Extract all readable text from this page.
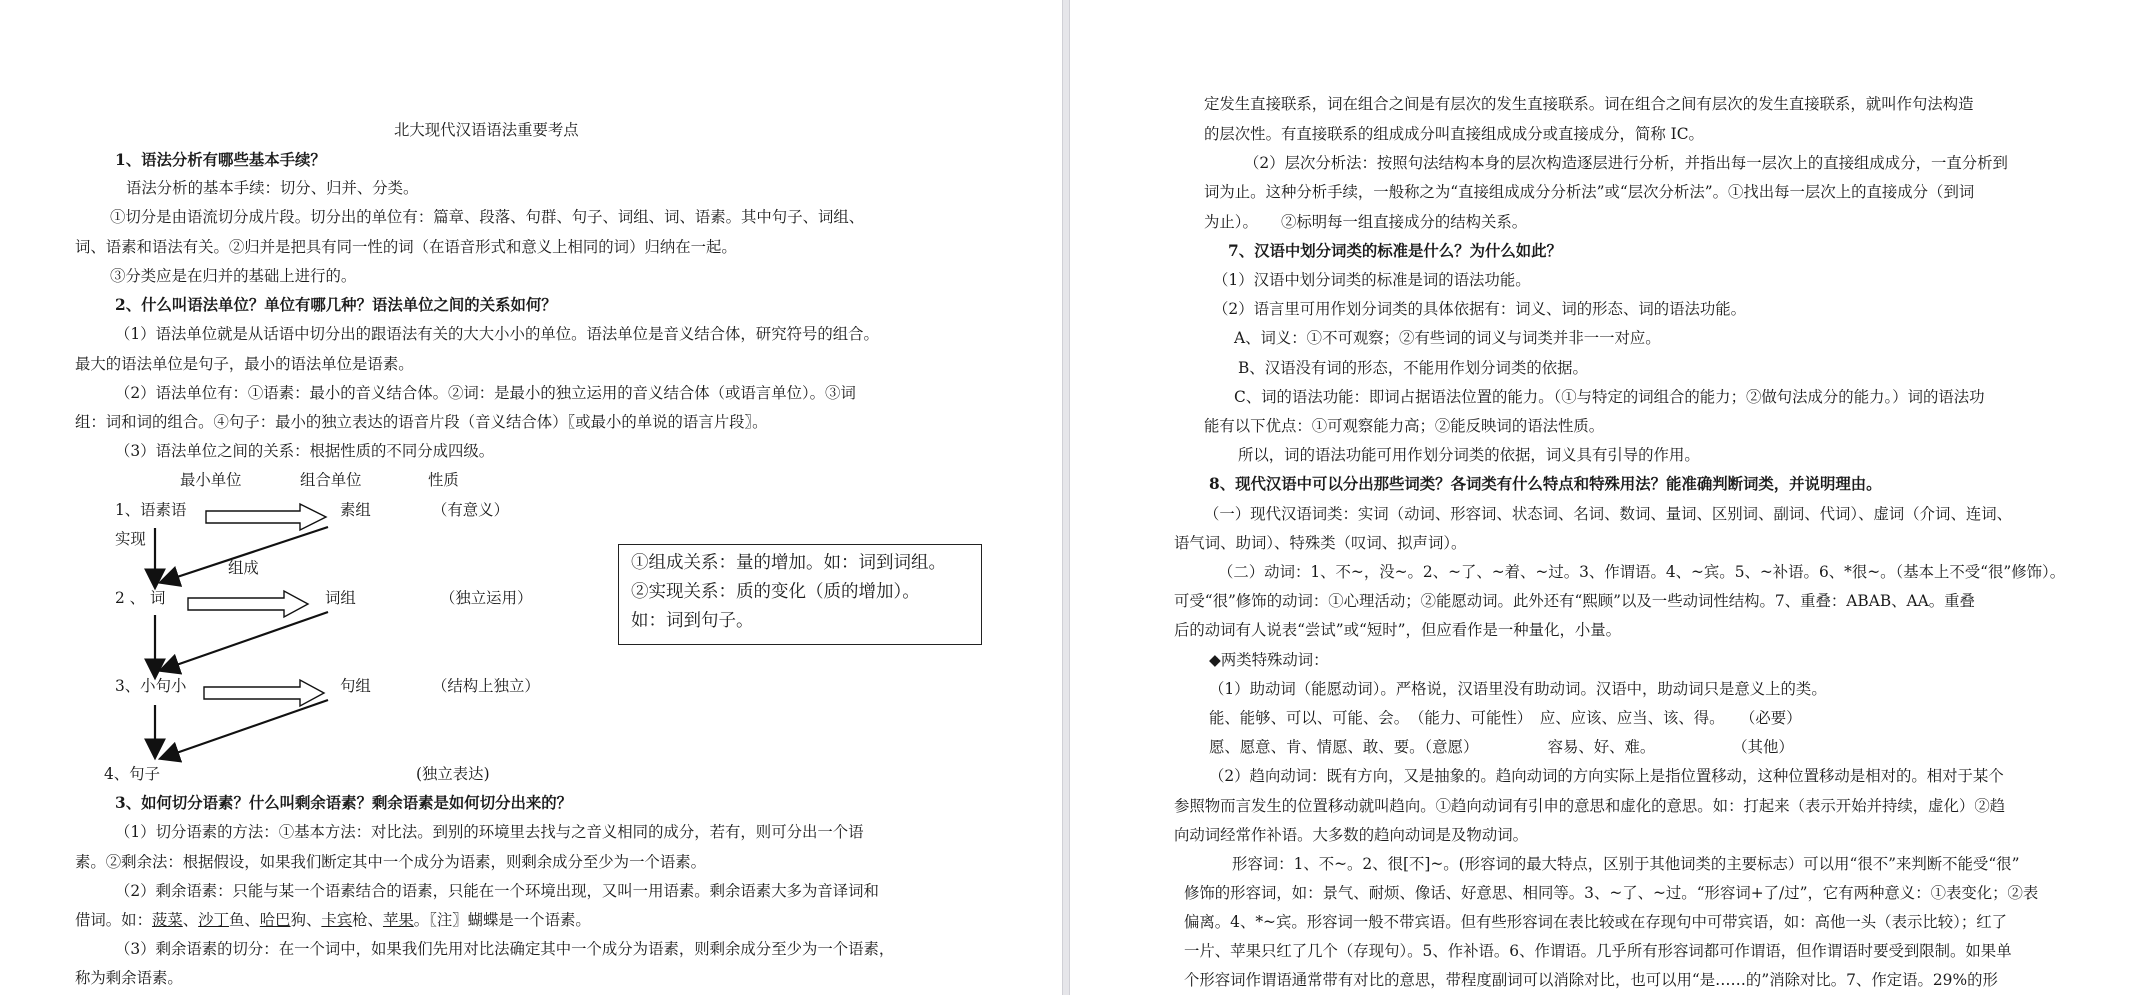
北大现代汉语语法重要考点
1、语法分析有哪些基本手续？
语法分析的基本手续：切分、归并、分类。
①切分是由语流切分成片段。切分出的单位有：篇章、段落、句群、句子、词组、词、语素。其中句子、词组、
词、语素和语法有关。②归并是把具有同一性的词（在语音形式和意义上相同的词）归纳在一起。
③分类应是在归并的基础上进行的。
2、什么叫语法单位？单位有哪几种？语法单位之间的关系如何？
（1）语法单位就是从话语中切分出的跟语法有关的大大小小的单位。语法单位是音义结合体，研究符号的组合。
最大的语法单位是句子，最小的语法单位是语素。
（2）语法单位有：①语素：最小的音义结合体。②词：是最小的独立运用的音义结合体（或语言单位）。③词
组：词和词的组合。④句子：最小的独立表达的语音片段（音义结合体）〖或最小的单说的语言片段〗。
（3）语法单位之间的关系：根据性质的不同分成四级。
最小单位	组合单位	性质
1、语素语	素组	（有意义）
实现
组成
2 、 词	词组	（独立运用）
3、小句小	句组	（结构上独立）
4、句子	(独立表达)
①组成关系：量的增加。如：词到词组。
②实现关系：质的变化（质的增加）。
如：词到句子。
3、如何切分语素？什么叫剩余语素？剩余语素是如何切分出来的？
（1）切分语素的方法：①基本方法：对比法。到别的环境里去找与之音义相同的成分，若有，则可分出一个语
素。②剩余法：根据假设，如果我们断定其中一个成分为语素，则剩余成分至少为一个语素。
（2）剩余语素：只能与某一个语素结合的语素，只能在一个环境出现，又叫一用语素。剩余语素大多为音译词和
借词。如：菠菜、沙丁鱼、哈巴狗、卡宾枪、苹果。〖注〗蝴蝶是一个语素。
（3）剩余语素的切分：在一个词中，如果我们先用对比法确定其中一个成分为语素，则剩余成分至少为一个语素，
称为剩余语素。
定发生直接联系，词在组合之间是有层次的发生直接联系。词在组合之间有层次的发生直接联系，就叫作句法构造
的层次性。有直接联系的组成成分叫直接组成成分或直接成分，简称 IC。
（2）层次分析法：按照句法结构本身的层次构造逐层进行分析，并指出每一层次上的直接组成成分，一直分析到
词为止。这种分析手续，一般称之为“直接组成成分分析法”或“层次分析法”。①找出每一层次上的直接成分（到词
为止）。　　②标明每一组直接成分的结构关系。
7、汉语中划分词类的标准是什么？为什么如此？
（1）汉语中划分词类的标准是词的语法功能。
（2）语言里可用作划分词类的具体依据有：词义、词的形态、词的语法功能。
A、词义：①不可观察；②有些词的词义与词类并非一一对应。
B、汉语没有词的形态，不能用作划分词类的依据。
C、词的语法功能：即词占据语法位置的能力。（①与特定的词组合的能力；②做句法成分的能力。）词的语法功
能有以下优点：①可观察能力高；②能反映词的语法性质。
所以，词的语法功能可用作划分词类的依据，词义具有引导的作用。
8、现代汉语中可以分出那些词类？各词类有什么特点和特殊用法？能准确判断词类，并说明理由。
（一）现代汉语词类：实词（动词、形容词、状态词、名词、数词、量词、区别词、副词、代词）、虚词（介词、连词、
语气词、助词）、特殊类（叹词、拟声词）。
（二）动词：1、不~，没~。2、~了、~着、~过。3、作谓语。4、~宾。5、~补语。6、*很~。（基本上不受“很”修饰）。
可受“很”修饰的动词：①心理活动；②能愿动词。此外还有“熙顾”以及一些动词性结构。7、重叠：ABAB、AA。重叠
后的动词有人说表“尝试”或“短时”，但应看作是一种量化，小量。
◆两类特殊动词：
（1）助动词（能愿动词）。严格说，汉语里没有助动词。汉语中，助动词只是意义上的类。
能、能够、可以、可能、会。　（能力、可能性）　应、应该、应当、该、得。　　（必要）
愿、愿意、肯、情愿、敢、要。（意愿）　　　　　容易、好、难。　　　　　　（其他）
（2）趋向动词：既有方向，又是抽象的。趋向动词的方向实际上是指位置移动，这种位置移动是相对的。相对于某个
参照物而言发生的位置移动就叫趋向。①趋向动词有引申的意思和虚化的意思。如：打起来（表示开始并持续，虚化）②趋
向动词经常作补语。大多数的趋向动词是及物动词。
形容词：1、不~。2、很[不]~。(形容词的最大特点，区别于其他词类的主要标志）可以用“很不”来判断不能受“很”
修饰的形容词，如：景气、耐烦、像话、好意思、相同等。3、~了、~过。“形容词+了/过”，它有两种意义：①表变化；②表
偏离。4、*~宾。形容词一般不带宾语。但有些形容词在表比较或在存现句中可带宾语，如：高他一头（表示比较）；红了
一片、苹果只红了几个（存现句）。5、作补语。6、作谓语。几乎所有形容词都可作谓语，但作谓语时要受到限制。如果单
个形容词作谓语通常带有对比的意思，带程度副词可以消除对比，也可以用“是……的”消除对比。7、作定语。29%的形
